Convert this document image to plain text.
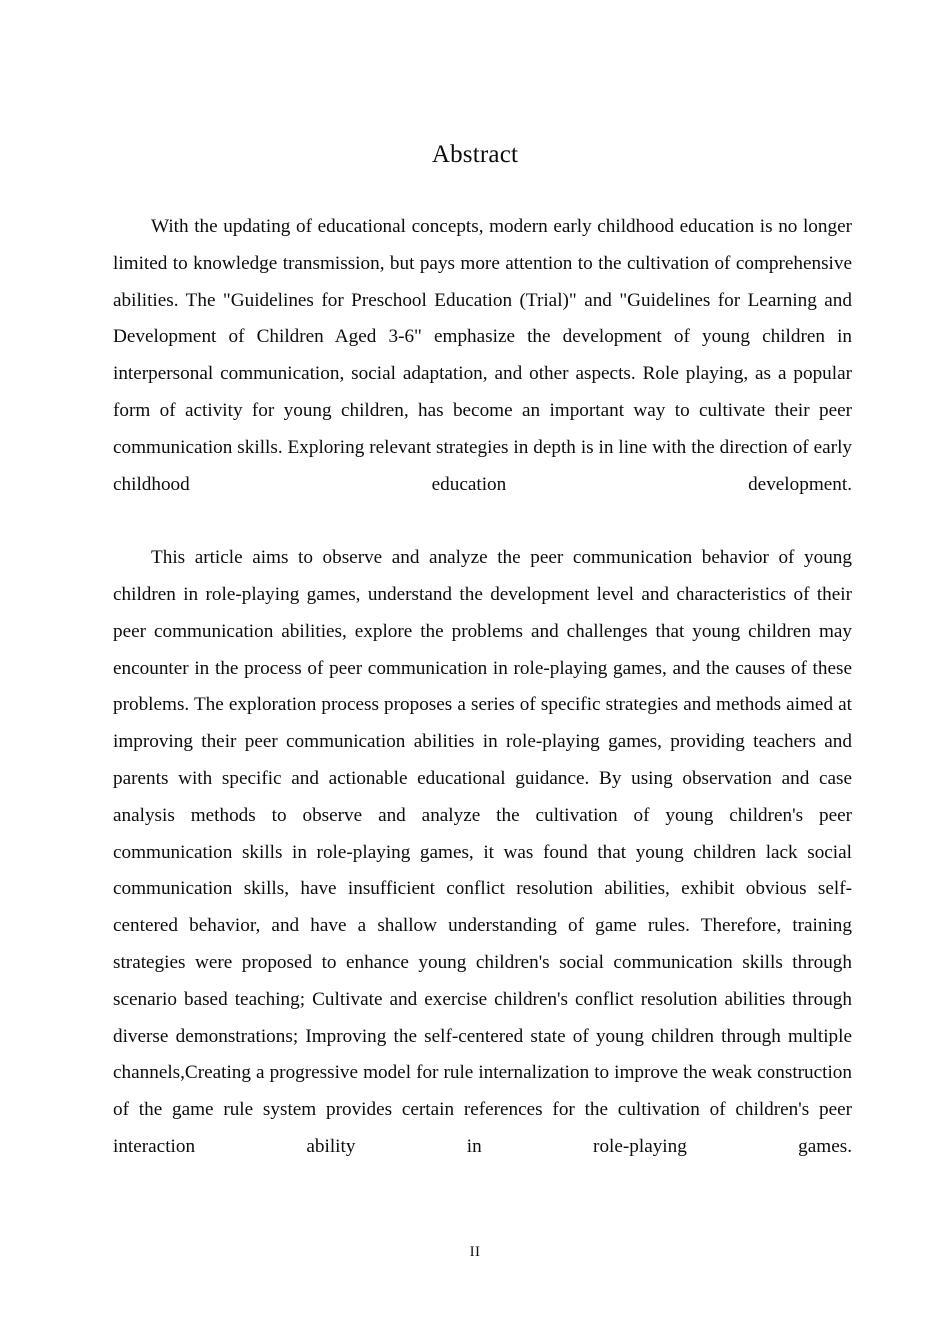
Abstract

With the updating of educational concepts, modern early childhood education is no longer limited to knowledge transmission, but pays more attention to the cultivation of comprehensive abilities. The "Guidelines for Preschool Education (Trial)" and "Guidelines for Learning and Development of Children Aged 3-6" emphasize the development of young children in interpersonal communication, social adaptation, and other aspects. Role playing, as a popular form of activity for young children, has become an important way to cultivate their peer communication skills. Exploring relevant strategies in depth is in line with the direction of early childhood education development.

This article aims to observe and analyze the peer communication behavior of young children in role-playing games, understand the development level and characteristics of their peer communication abilities, explore the problems and challenges that young children may encounter in the process of peer communication in role-playing games, and the causes of these problems. The exploration process proposes a series of specific strategies and methods aimed at improving their peer communication abilities in role-playing games, providing teachers and parents with specific and actionable educational guidance. By using observation and case analysis methods to observe and analyze the cultivation of young children's peer communication skills in role-playing games, it was found that young children lack social communication skills, have insufficient conflict resolution abilities, exhibit obvious self-centered behavior, and have a shallow understanding of game rules. Therefore, training strategies were proposed to enhance young children's social communication skills through scenario based teaching; Cultivate and exercise children's conflict resolution abilities through diverse demonstrations; Improving the self-centered state of young children through multiple channels,Creating a progressive model for rule internalization to improve the weak construction of the game rule system provides certain references for the cultivation of children's peer interaction ability in role-playing games.

II
